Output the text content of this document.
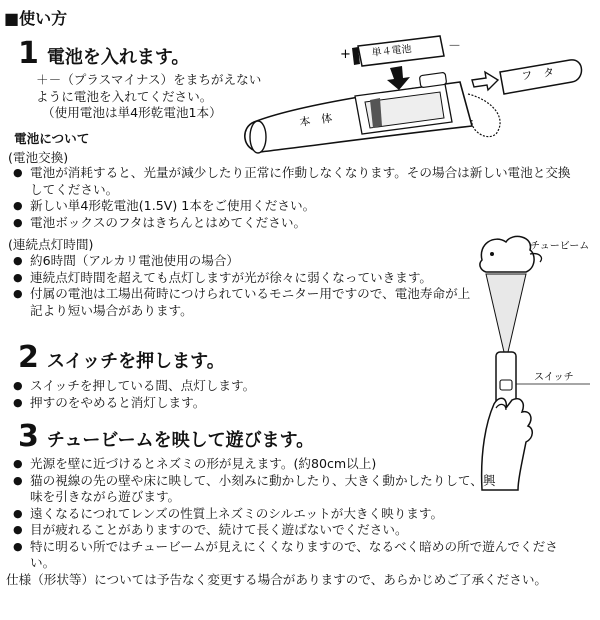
■使い方
1 電池を入れます。
＋－（プラスマイナス）をまちがえない
ように電池を入れてください。
（使用電池は単4形乾電池1本）
+
－
単４電池
フ　タ
本　体
電池について
(電池交換)
● 電池が消耗すると、光量が減少したり正常に作動しなくなります。その場合は新しい電池と交換してください。
● 新しい単4形乾電池(1.5V) 1本をご使用ください。
● 電池ボックスのフタはきちんとはめてください。
(連続点灯時間)
● 約6時間（アルカリ電池使用の場合）
● 連続点灯時間を超えても点灯しますが光が徐々に弱くなっていきます。
● 付属の電池は工場出荷時につけられているモニター用ですので、電池寿命が上記より短い場合があります。
2 スイッチを押します。
● スイッチを押している間、点灯します。
● 押すのをやめると消灯します。
チュービーム
スイッチ
3 チュービームを映して遊びます。
● 光源を壁に近づけるとネズミの形が見えます。(約80cm以上)
● 猫の視線の先の壁や床に映して、小刻みに動かしたり、大きく動かしたりして、興味を引きながら遊びます。
● 遠くなるにつれてレンズの性質上ネズミのシルエットが大きく映ります。
● 目が疲れることがありますので、続けて長く遊ばないでください。
● 特に明るい所ではチュービームが見えにくくなりますので、なるべく暗めの所で遊んでください。
仕様（形状等）については予告なく変更する場合がありますので、あらかじめご了承ください。
